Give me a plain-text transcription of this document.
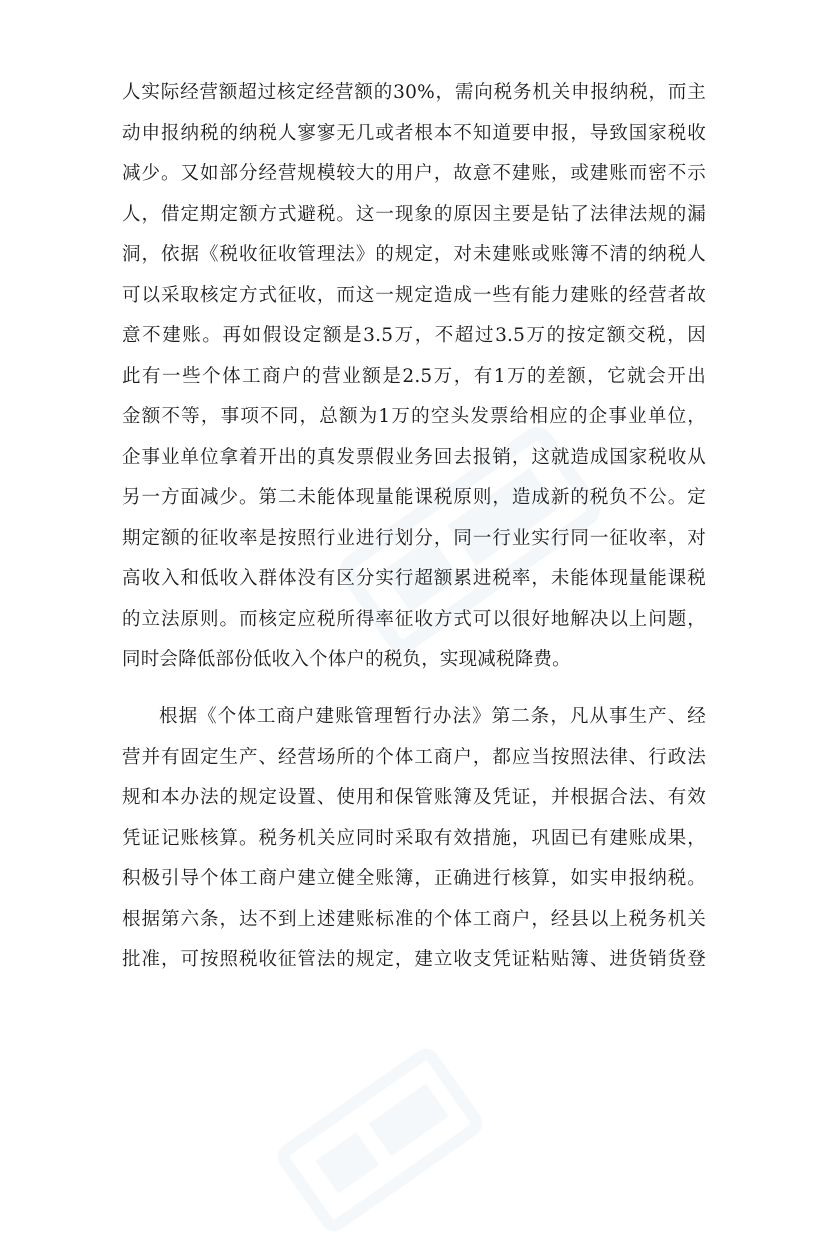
人实际经营额超过核定经营额的30%，需向税务机关申报纳税，而主
动申报纳税的纳税人寥寥无几或者根本不知道要申报，导致国家税收
减少。又如部分经营规模较大的用户，故意不建账，或建账而密不示
人，借定期定额方式避税。这一现象的原因主要是钻了法律法规的漏
洞，依据《税收征收管理法》的规定，对未建账或账簿不清的纳税人
可以采取核定方式征收，而这一规定造成一些有能力建账的经营者故
意不建账。再如假设定额是3.5万，不超过3.5万的按定额交税，因
此有一些个体工商户的营业额是2.5万，有1万的差额，它就会开出
金额不等，事项不同，总额为1万的空头发票给相应的企事业单位，
企事业单位拿着开出的真发票假业务回去报销，这就造成国家税收从
另一方面减少。第二未能体现量能课税原则，造成新的税负不公。定
期定额的征收率是按照行业进行划分，同一行业实行同一征收率，对
高收入和低收入群体没有区分实行超额累进税率，未能体现量能课税
的立法原则。而核定应税所得率征收方式可以很好地解决以上问题，
同时会降低部份低收入个体户的税负，实现减税降费。
根据《个体工商户建账管理暂行办法》第二条，凡从事生产、经
营并有固定生产、经营场所的个体工商户，都应当按照法律、行政法
规和本办法的规定设置、使用和保管账簿及凭证，并根据合法、有效
凭证记账核算。税务机关应同时采取有效措施，巩固已有建账成果，
积极引导个体工商户建立健全账簿，正确进行核算，如实申报纳税。
根据第六条，达不到上述建账标准的个体工商户，经县以上税务机关
批准，可按照税收征管法的规定，建立收支凭证粘贴簿、进货销货登
